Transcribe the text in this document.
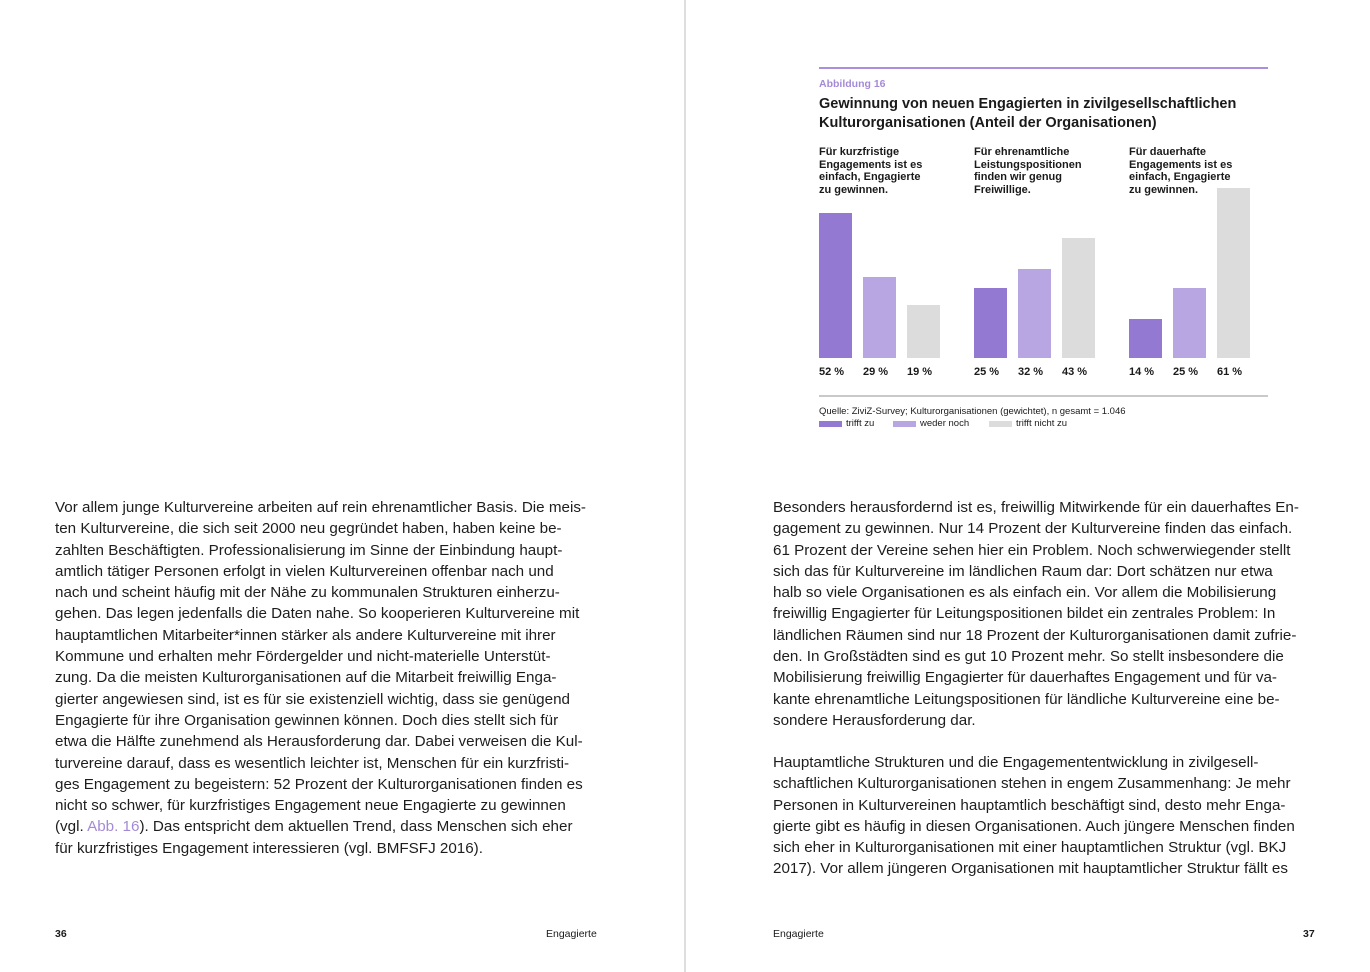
Vor allem junge Kulturvereine arbeiten auf rein ehrenamtlicher Basis. Die meis-
ten Kulturvereine, die sich seit 2000 neu gegründet haben, haben keine be-
zahlten Beschäftigten. Professionalisierung im Sinne der Einbindung haupt-
amtlich tätiger Personen erfolgt in vielen Kulturvereinen offenbar nach und
nach und scheint häufig mit der Nähe zu kommunalen Strukturen einherzu-
gehen. Das legen jedenfalls die Daten nahe. So kooperieren Kulturvereine mit
hauptamtlichen Mitarbeiter*innen stärker als andere Kulturvereine mit ihrer
Kommune und erhalten mehr Fördergelder und nicht-materielle Unterstüt-
zung. Da die meisten Kulturorganisationen auf die Mitarbeit freiwillig Enga-
gierter angewiesen sind, ist es für sie existenziell wichtig, dass sie genügend
Engagierte für ihre Organisation gewinnen können. Doch dies stellt sich für
etwa die Hälfte zunehmend als Herausforderung dar. Dabei verweisen die Kul-
turvereine darauf, dass es wesentlich leichter ist, Menschen für ein kurzfristi-
ges Engagement zu begeistern: 52 Prozent der Kulturorganisationen finden es
nicht so schwer, für kurzfristiges Engagement neue Engagierte zu gewinnen
(vgl. Abb. 16). Das entspricht dem aktuellen Trend, dass Menschen sich eher
für kurzfristiges Engagement interessieren (vgl. BMFSFJ 2016).
36	Engagierte
Abbildung 16
Gewinnung von neuen Engagierten in zivilgesellschaftlichen
Kulturorganisationen (Anteil der Organisationen)
Für kurzfristige
Engagements ist es
einfach, Engagierte
zu gewinnen.
Für ehrenamtliche
Leistungspositionen
finden wir genug
Freiwillige.
Für dauerhafte
Engagements ist es
einfach, Engagierte
zu gewinnen.
Quelle: ZiviZ-Survey; Kulturorganisationen (gewichtet), n gesamt = 1.046
trifft zu	weder noch	trifft nicht zu
Besonders herausfordernd ist es, freiwillig Mitwirkende für ein dauerhaftes En-
gagement zu gewinnen. Nur 14 Prozent der Kulturvereine finden das einfach.
61 Prozent der Vereine sehen hier ein Problem. Noch schwerwiegender stellt
sich das für Kulturvereine im ländlichen Raum dar: Dort schätzen nur etwa
halb so viele Organisationen es als einfach ein. Vor allem die Mobilisierung
freiwillig Engagierter für Leitungspositionen bildet ein zentrales Problem: In
ländlichen Räumen sind nur 18 Prozent der Kulturorganisationen damit zufrie-
den. In Großstädten sind es gut 10 Prozent mehr. So stellt insbesondere die
Mobilisierung freiwillig Engagierter für dauerhaftes Engagement und für va-
kante ehrenamtliche Leitungspositionen für ländliche Kulturvereine eine be-
sondere Herausforderung dar.
Hauptamtliche Strukturen und die Engagemententwicklung in zivilgesell-
schaftlichen Kulturorganisationen stehen in engem Zusammenhang: Je mehr
Personen in Kulturvereinen hauptamtlich beschäftigt sind, desto mehr Enga-
gierte gibt es häufig in diesen Organisationen. Auch jüngere Menschen finden
sich eher in Kulturorganisationen mit einer hauptamtlichen Struktur (vgl. BKJ
2017). Vor allem jüngeren Organisationen mit hauptamtlicher Struktur fällt es
Engagierte	37
52 %	25 %	14 %
29 %	32 %	25 %
19 %	43 %	61 %
